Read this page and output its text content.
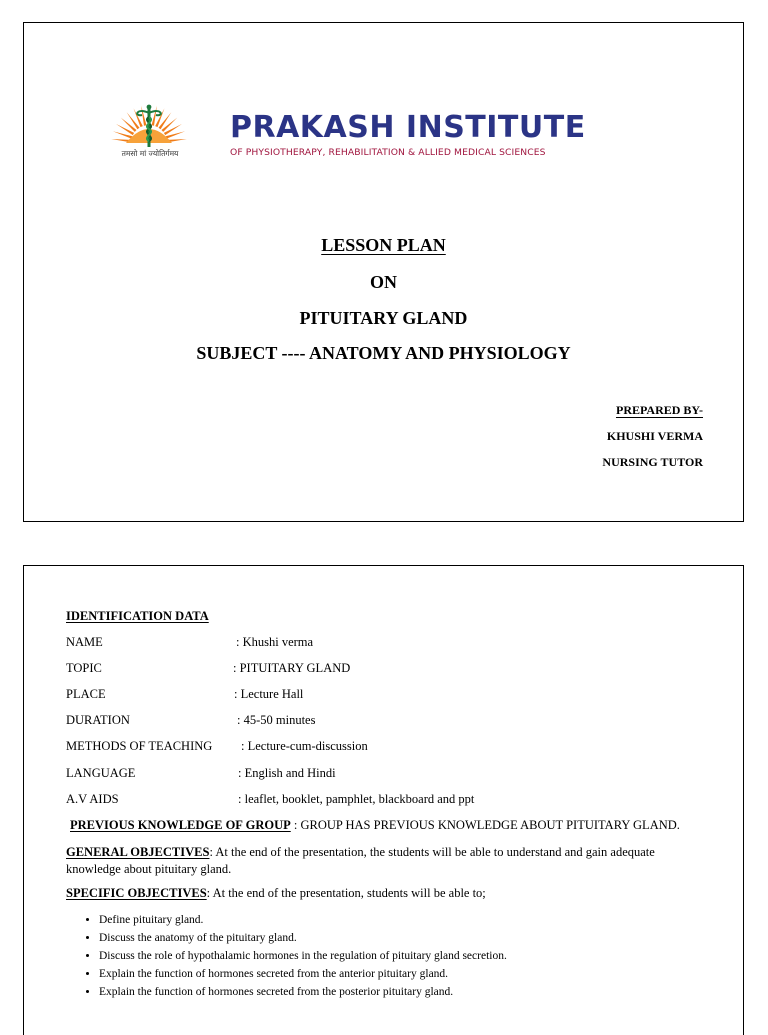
तमसो मां ज्योतिर्गमय
PRAKASH INSTITUTE
OF PHYSIOTHERAPY, REHABILITATION & ALLIED MEDICAL SCIENCES
LESSON PLAN
ON
PITUITARY GLAND
SUBJECT ---- ANATOMY AND PHYSIOLOGY
PREPARED BY-
KHUSHI VERMA
NURSING TUTOR
IDENTIFICATION DATA
NAME	: Khushi verma
TOPIC	: PITUITARY GLAND
PLACE	: Lecture Hall
DURATION	: 45-50 minutes
METHODS OF TEACHING : Lecture-cum-discussion
LANGUAGE	: English and Hindi
A.V AIDS	: leaflet, booklet, pamphlet, blackboard and ppt
PREVIOUS KNOWLEDGE OF GROUP : GROUP HAS PREVIOUS KNOWLEDGE ABOUT PITUITARY GLAND.
GENERAL OBJECTIVES: At the end of the presentation, the students will be able to understand and gain adequate knowledge about pituitary gland.
SPECIFIC OBJECTIVES: At the end of the presentation, students will be able to;
• Define pituitary gland.
• Discuss the anatomy of the pituitary gland.
• Discuss the role of hypothalamic hormones in the regulation of pituitary gland secretion.
• Explain the function of hormones secreted from the anterior pituitary gland.
• Explain the function of hormones secreted from the posterior pituitary gland.
